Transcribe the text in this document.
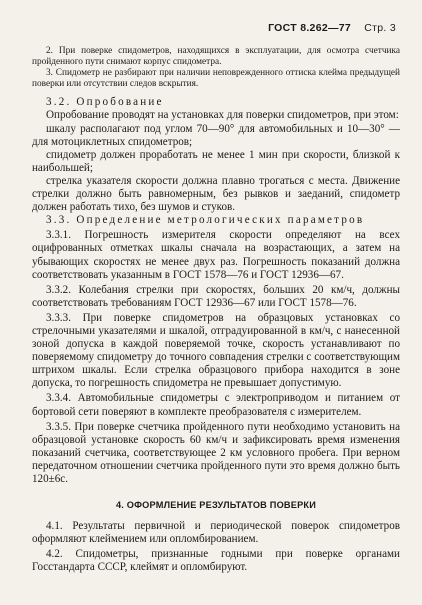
ГОСТ 8.262—77 Стр. 3

2. При поверке спидометров, находящихся в эксплуатации, для осмотра счетчика пройденного пути снимают корпус спидометра.

3. Спидометр не разбирают при наличии неповрежденного оттиска клейма предыдущей поверки или отсутствии следов вскрытия.

3.2. Опробование

Опробование проводят на установках для поверки спидометров, при этом:

шкалу располагают под углом 70—90° для автомобильных и 10—30° — для мотоциклетных спидометров;

спидометр должен проработать не менее 1 мин при скорости, близкой к наибольшей;

стрелка указателя скорости должна плавно трогаться с места. Движение стрелки должно быть равномерным, без рывков и заеданий, спидометр должен работать тихо, без шумов и стуков.

3.3. Определение метрологических параметров

3.3.1. Погрешность измерителя скорости определяют на всех оцифрованных отметках шкалы сначала на возрастающих, а затем на убывающих скоростях не менее двух раз. Погрешность показаний должна соответствовать указанным в ГОСТ 1578—76 и ГОСТ 12936—67.

3.3.2. Колебания стрелки при скоростях, больших 20 км/ч, должны соответствовать требованиям ГОСТ 12936—67 или ГОСТ 1578—76.

3.3.3. При поверке спидометров на образцовых установках со стрелочными указателями и шкалой, отградуированной в км/ч, с нанесенной зоной допуска в каждой поверяемой точке, скорость устанавливают по поверяемому спидометру до точного совпадения стрелки с соответствующим штрихом шкалы. Если стрелка образцового прибора находится в зоне допуска, то погрешность спидометра не превышает допустимую.

3.3.4. Автомобильные спидометры с электроприводом и питанием от бортовой сети поверяют в комплекте преобразователя с измерителем.

3.3.5. При поверке счетчика пройденного пути необходимо установить на образцовой установке скорость 60 км/ч и зафиксировать время изменения показаний счетчика, соответствующее 2 км условного пробега. При верном передаточном отношении счетчика пройденного пути это время должно быть 120±6с.

4. ОФОРМЛЕНИЕ РЕЗУЛЬТАТОВ ПОВЕРКИ

4.1. Результаты первичной и периодической поверок спидометров оформляют клеймением или опломбированием.

4.2. Спидометры, признанные годными при поверке органами Госстандарта СССР, клеймят и опломбируют.
